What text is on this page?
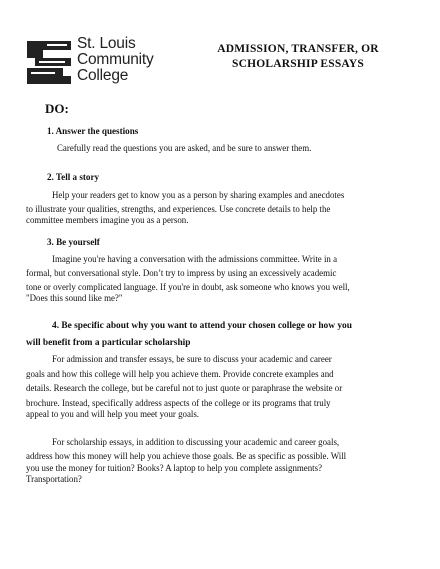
St. Louis
Community
College
ADMISSION, TRANSFER, OR
SCHOLARSHIP ESSAYS
DO:
1. Answer the questions
Carefully read the questions you are asked, and be sure to answer them.
2. Tell a story
Help your readers get to know you as a person by sharing examples and anecdotes
to illustrate your qualities, strengths, and experiences. Use concrete details to help the
committee members imagine you as a person.
3. Be yourself
Imagine you're having a conversation with the admissions committee. Write in a
formal, but conversational style. Don’t try to impress by using an excessively academic
tone or overly complicated language. If you're in doubt, ask someone who knows you well,
"Does this sound like me?"
4. Be specific about why you want to attend your chosen college or how you
will benefit from a particular scholarship
For admission and transfer essays, be sure to discuss your academic and career
goals and how this college will help you achieve them. Provide concrete examples and
details. Research the college, but be careful not to just quote or paraphrase the website or
brochure. Instead, specifically address aspects of the college or its programs that truly
appeal to you and will help you meet your goals.
For scholarship essays, in addition to discussing your academic and career goals,
address how this money will help you achieve those goals. Be as specific as possible. Will
you use the money for tuition? Books? A laptop to help you complete assignments?
Transportation?
